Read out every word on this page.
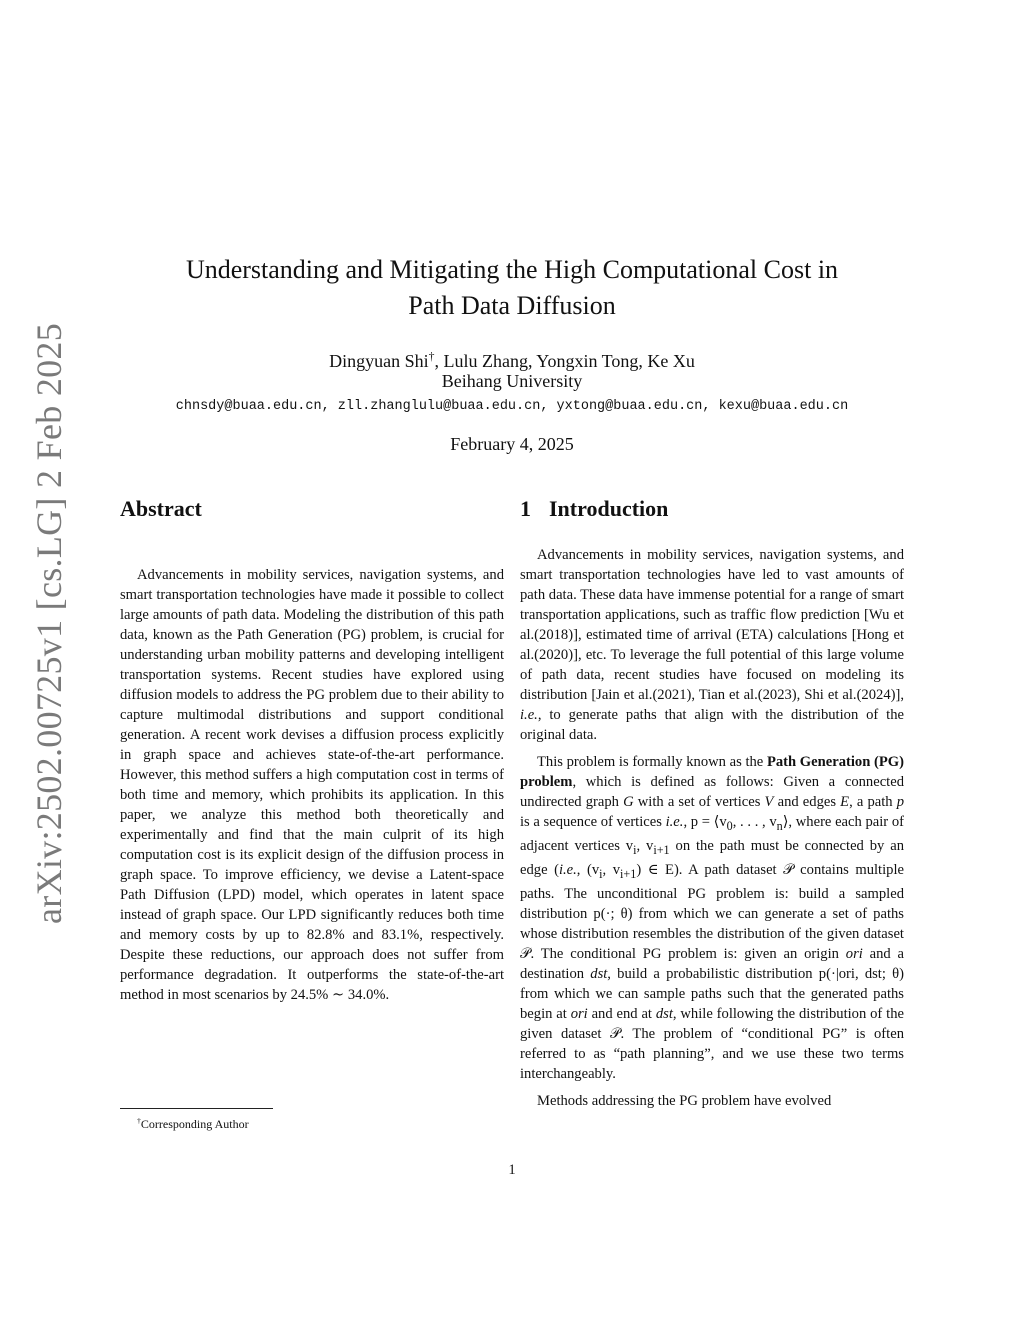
arXiv:2502.00725v1 [cs.LG] 2 Feb 2025
Understanding and Mitigating the High Computational Cost in
Path Data Diffusion
Dingyuan Shi†, Lulu Zhang, Yongxin Tong, Ke Xu
Beihang University
chnsdy@buaa.edu.cn, zll.zhanglulu@buaa.edu.cn, yxtong@buaa.edu.cn, kexu@buaa.edu.cn
February 4, 2025
Abstract	1 Introduction

Advancements in mobility services, navigation systems, and smart transportation technologies have made it possible to collect large amounts of path data. Modeling the distribution of this path data, known as the Path Generation (PG) problem, is crucial for understanding urban mobility patterns and developing intelligent transportation systems. Recent studies have explored using diffusion models to address the PG problem due to their ability to capture multimodal distributions and support conditional generation. A recent work devises a diffusion process explicitly in graph space and achieves state-of-the-art performance. However, this method suffers a high computation cost in terms of both time and memory, which prohibits its application. In this paper, we analyze this method both theoretically and experimentally and find that the main culprit of its high computation cost is its explicit design of the diffusion process in graph space. To improve efficiency, we devise a Latent-space Path Diffusion (LPD) model, which operates in latent space instead of graph space. Our LPD significantly reduces both time and memory costs by up to 82.8% and 83.1%, respectively. Despite these reductions, our approach does not suffer from performance degradation. It outperforms the state-of-the-art method in most scenarios by 24.5% ∼ 34.0%.

Advancements in mobility services, navigation systems, and smart transportation technologies have led to vast amounts of path data. These data have immense potential for a range of smart transportation applications, such as traffic flow prediction [Wu et al.(2018)], estimated time of arrival (ETA) calculations [Hong et al.(2020)], etc. To leverage the full potential of this large volume of path data, recent studies have focused on modeling its distribution [Jain et al.(2021), Tian et al.(2023), Shi et al.(2024)], i.e., to generate paths that align with the distribution of the original data.

This problem is formally known as the Path Generation (PG) problem, which is defined as follows: Given a connected undirected graph G with a set of vertices V and edges E, a path p is a sequence of vertices i.e., $p = ⟨v_0$, . . . , $v_n⟩$, where each pair of adjacent vertices $v_i$, $v_{i+1}$ on the path must be connected by an edge (i.e., ($v_i$, $v_{i+1}$) ∈ E). A path dataset 𝒫 contains multiple paths. The unconditional PG problem is: build a sampled distribution p(·; θ) from which we can generate a set of paths whose distribution resembles the distribution of the given dataset 𝒫. The conditional PG problem is: given an origin ori and a destination dst, build a probabilistic distribution p(·|ori, dst; θ) from which we can sample paths such that the generated paths begin at ori and end at dst, while following the distribution of the given dataset 𝒫. The problem of “conditional PG” is often referred to as “path planning”, and we use these two terms interchangeably.

Methods addressing the PG problem have evolved

†Corresponding Author
1
